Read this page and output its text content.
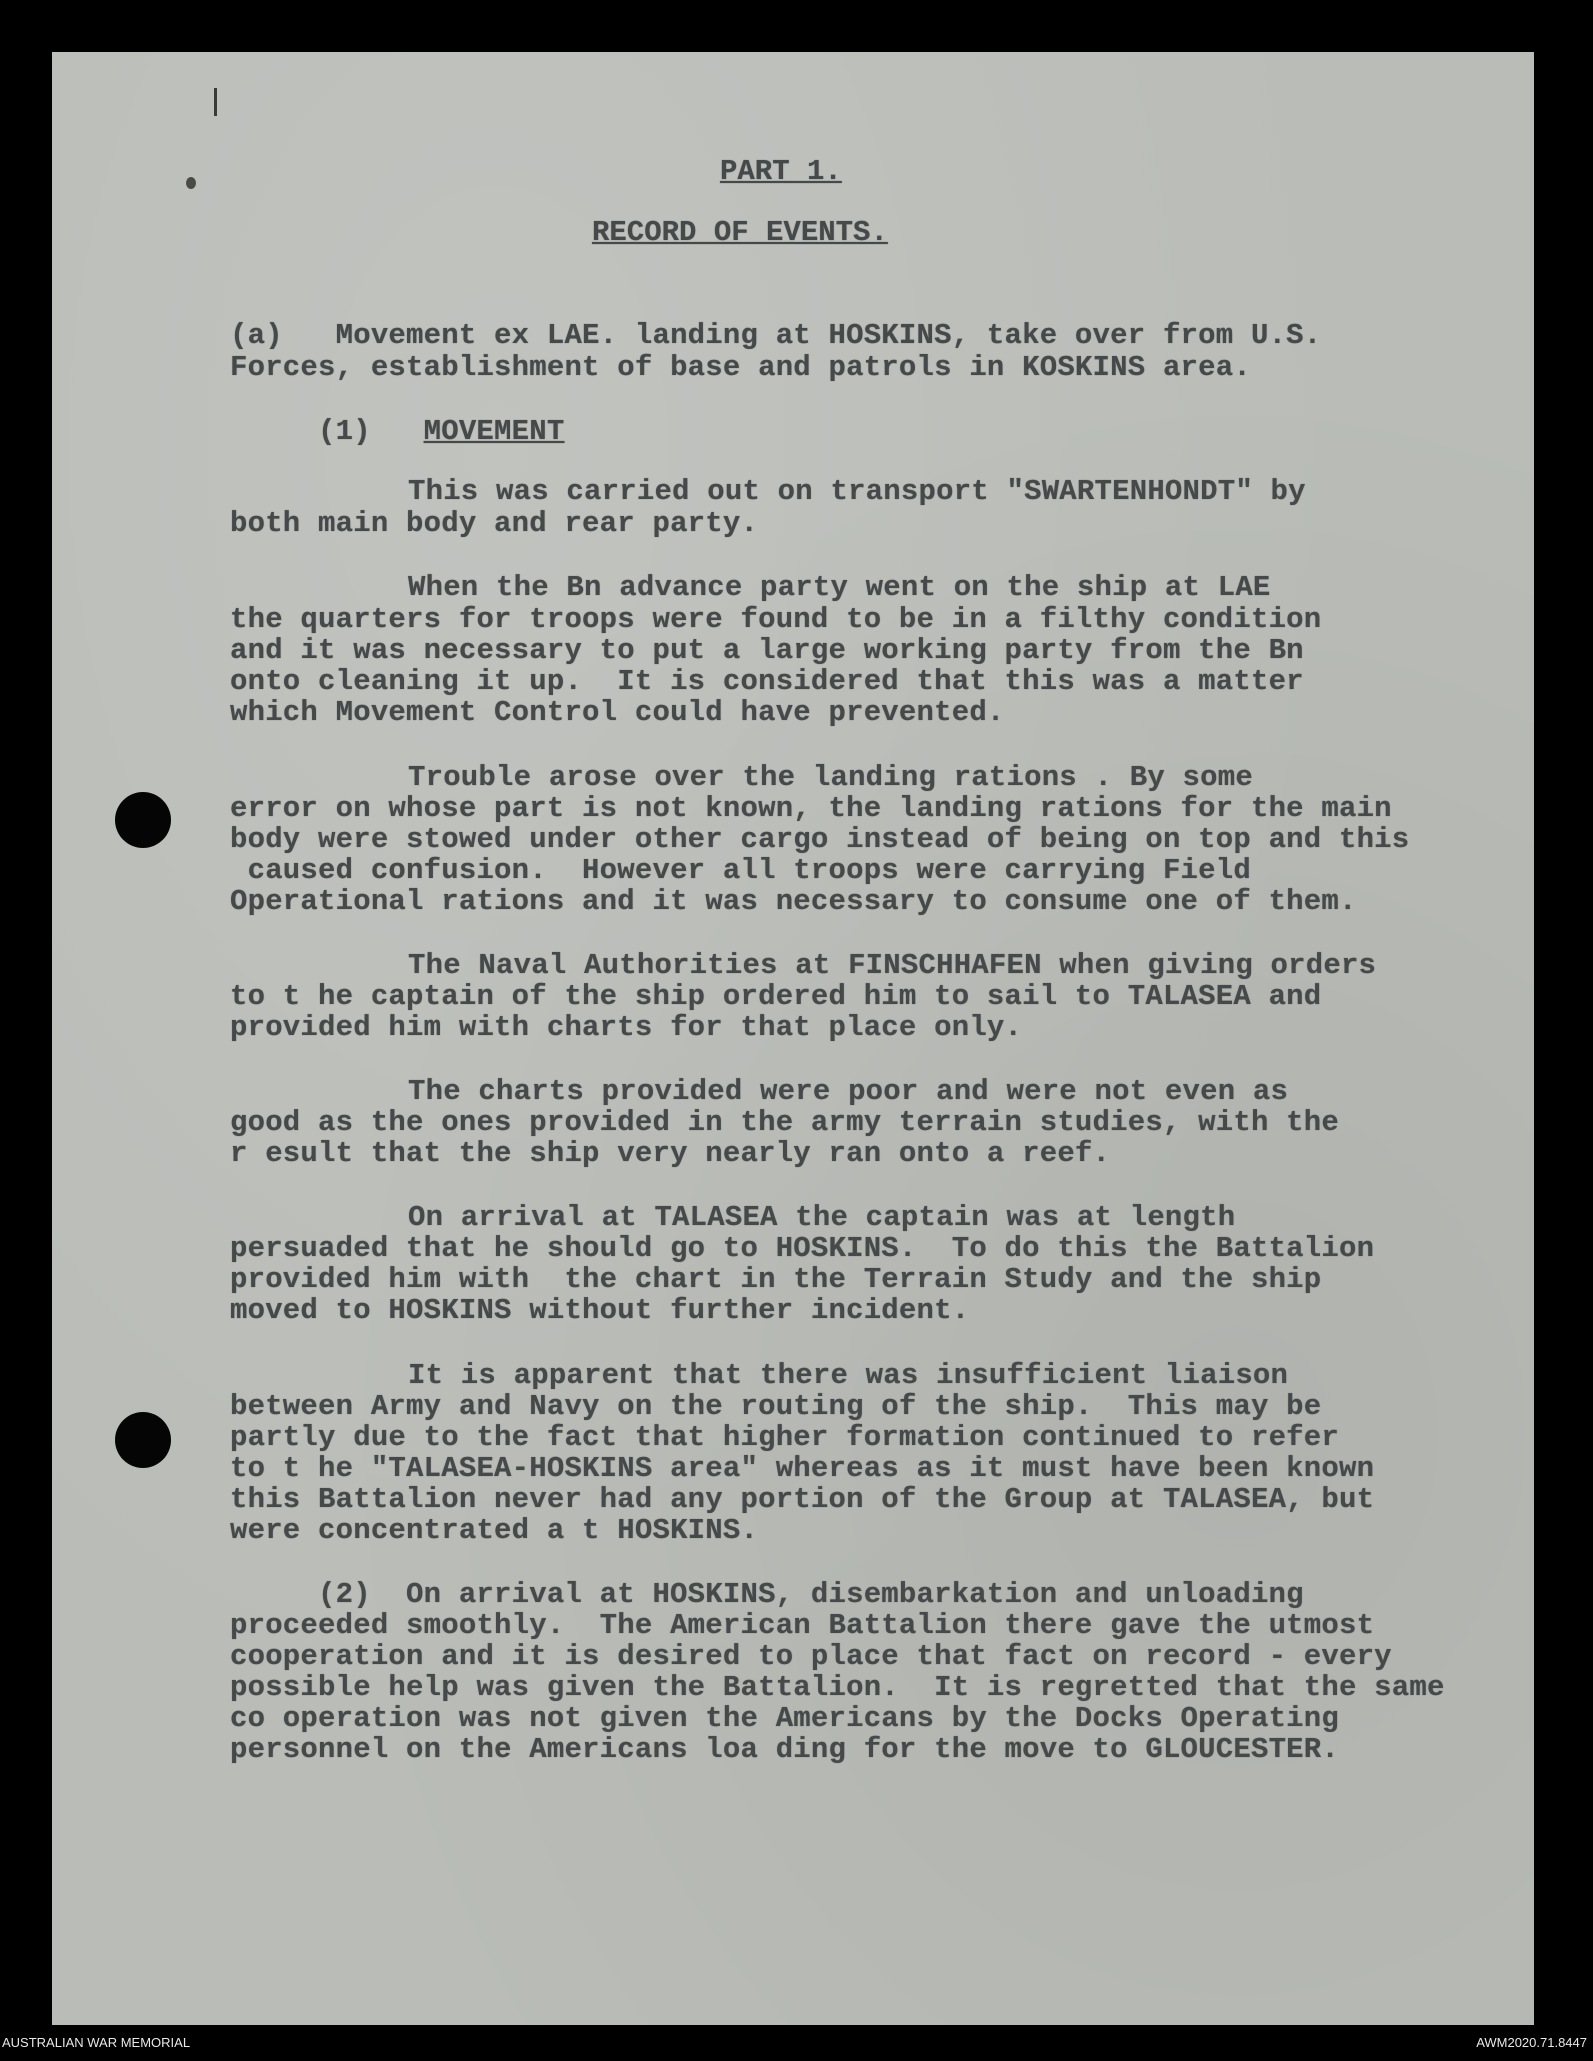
PART 1.
RECORD OF EVENTS.
(a)   Movement ex LAE. landing at HOSKINS, take over from U.S.
Forces, establishment of base and patrols in KOSKINS area.
(1)   MOVEMENT
This was carried out on transport "SWARTENHONDT" by
both main body and rear party.
When the Bn advance party went on the ship at LAE
the quarters for troops were found to be in a filthy condition
and it was necessary to put a large working party from the Bn
onto cleaning it up.  It is considered that this was a matter
which Movement Control could have prevented.
Trouble arose over the landing rations . By some
error on whose part is not known, the landing rations for the main
body were stowed under other cargo instead of being on top and this
caused confusion.  However all troops were carrying Field
Operational rations and it was necessary to consume one of them.
The Naval Authorities at FINSCHHAFEN when giving orders
to t he captain of the ship ordered him to sail to TALASEA and
provided him with charts for that place only.
The charts provided were poor and were not even as
good as the ones provided in the army terrain studies, with the
r esult that the ship very nearly ran onto a reef.
On arrival at TALASEA the captain was at length
persuaded that he should go to HOSKINS.  To do this the Battalion
provided him with  the chart in the Terrain Study and the ship
moved to HOSKINS without further incident.
It is apparent that there was insufficient liaison
between Army and Navy on the routing of the ship.  This may be
partly due to the fact that higher formation continued to refer
to t he "TALASEA-HOSKINS area" whereas as it must have been known
this Battalion never had any portion of the Group at TALASEA, but
were concentrated a t HOSKINS.
(2)  On arrival at HOSKINS, disembarkation and unloading
proceeded smoothly.  The American Battalion there gave the utmost
cooperation and it is desired to place that fact on record - every
possible help was given the Battalion.  It is regretted that the same
co operation was not given the Americans by the Docks Operating
personnel on the Americans loa ding for the move to GLOUCESTER.
AUSTRALIAN WAR MEMORIAL	AWM2020.71.8447
